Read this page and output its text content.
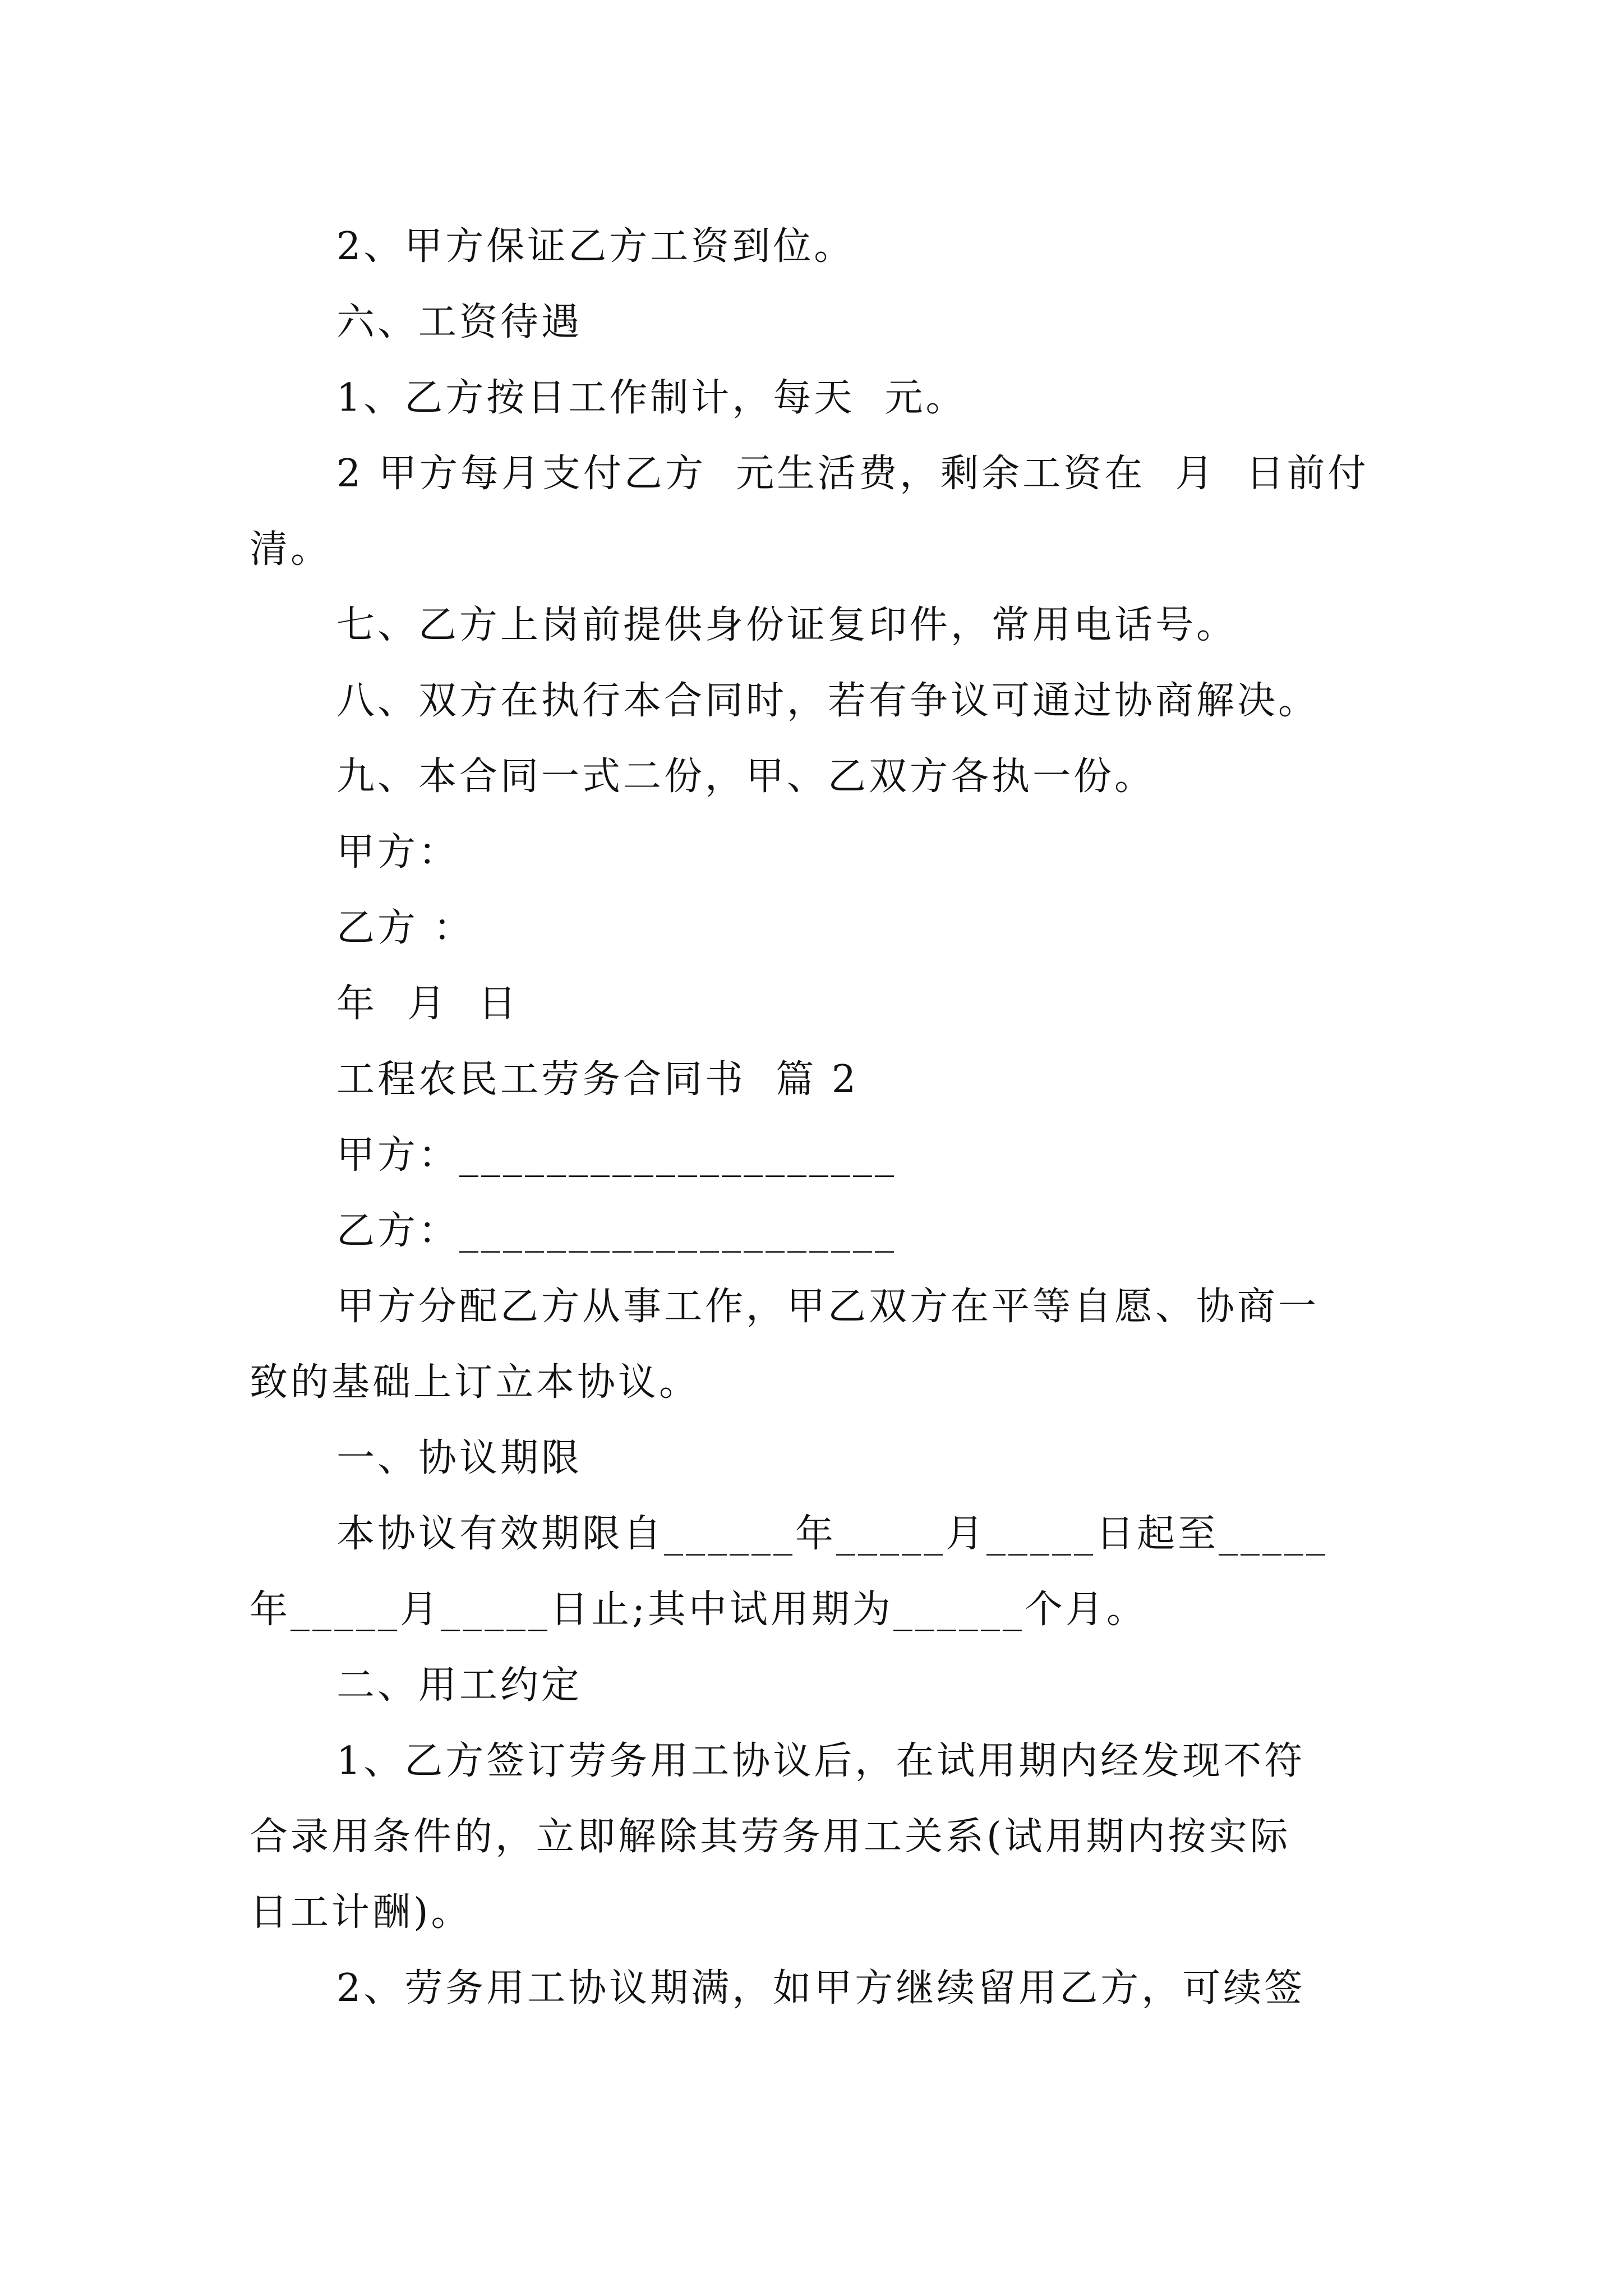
2、甲方保证乙方工资到位。
六、工资待遇
1、乙方按日工作制计，每天  元。
2 甲方每月支付乙方  元生活费，剩余工资在  月  日前付
清。
七、乙方上岗前提供身份证复印件，常用电话号。
八、双方在执行本合同时，若有争议可通过协商解决。
九、本合同一式二份，甲、乙双方各执一份。
甲方：
乙方 ：
年  月  日
工程农民工劳务合同书  篇 2
甲方：____________________
乙方：____________________
甲方分配乙方从事工作，甲乙双方在平等自愿、协商一
致的基础上订立本协议。
一、协议期限
本协议有效期限自______年_____月_____日起至_____
年_____月_____日止;其中试用期为______个月。
二、用工约定
1、乙方签订劳务用工协议后，在试用期内经发现不符
合录用条件的，立即解除其劳务用工关系(试用期内按实际
日工计酬)。
2、劳务用工协议期满，如甲方继续留用乙方，可续签
